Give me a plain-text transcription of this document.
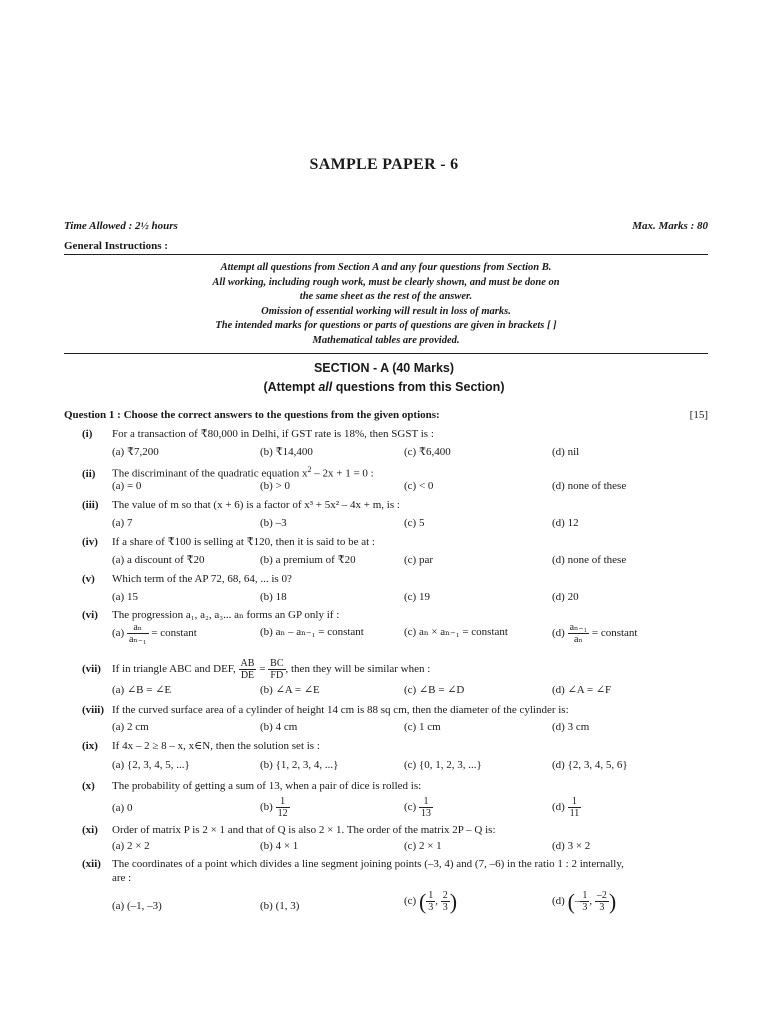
SAMPLE PAPER - 6
Time Allowed : 2½ hours	Max. Marks : 80
General Instructions :
Attempt all questions from Section A and any four questions from Section B.
All working, including rough work, must be clearly shown, and must be done on
the same sheet as the rest of the answer.
Omission of essential working will result in loss of marks.
The intended marks for questions or parts of questions are given in brackets [ ]
Mathematical tables are provided.
SECTION - A (40 Marks)
(Attempt all questions from this Section)
Question 1 : Choose the correct answers to the questions from the given options:	[15]
(i) For a transaction of ₹80,000 in Delhi, if GST rate is 18%, then SGST is :
(a) ₹7,200	(b) ₹14,400	(c) ₹6,400	(d) nil
(ii) The discriminant of the quadratic equation $x^2 - 2x + 1 = 0$ :
(a) = 0	(b) > 0	(c) < 0	(d) none of these
(iii) The value of m so that (x + 6) is a factor of x³ + 5x² – 4x + m, is :
(a) 7	(b) –3	(c) 5	(d) 12
(iv) If a share of ₹100 is selling at ₹120, then it is said to be at :
(a) a discount of ₹20	(b) a premium of ₹20	(c) par	(d) none of these
(v) Which term of the AP 72, 68, 64, ... is 0?
(a) 15	(b) 18	(c) 19	(d) 20
(vi) The progression a₁, a₂, a₃... aₙ forms an GP only if :
$(a) \frac{\text{aₙ}}{\text{aₙ₋₁}}$ = constant	(b) aₙ – aₙ₋₁ = constant	(c) aₙ × aₙ₋₁ = constant	$(d) \frac{\text{aₙ₋₁}}{\text{aₙ}}$ = constant
(vii) If in triangle ABC and DEF, $\frac{AB}{DE} = \frac{BC}{FD}$ , then they will be similar when :
(a) ∠B = ∠E	(b) ∠A = ∠E	(c) ∠B = ∠D	(d) ∠A = ∠F
(viii) If the curved surface area of a cylinder of height 14 cm is 88 sq cm, then the diameter of the cylinder is:
(a) 2 cm	(b) 4 cm	(c) 1 cm	(d) 3 cm
(ix) If 4x – 2 ≥ 8 – x, x∈N, then the solution set is :
(a) {2, 3, 4, 5, ...}	(b) {1, 2, 3, 4, ...}	(c) {0, 1, 2, 3, ...}	(d) {2, 3, 4, 5, 6}
(x) The probability of getting a sum of 13, when a pair of dice is rolled is:
(a) 0	$(b) \frac{1}{12}$	$(c) \frac{1}{13}$	$(d) \frac{1}{11}$
(xi) Order of matrix P is 2 × 1 and that of Q is also 2 × 1. The order of the matrix 2P – Q is:
(a) 2 × 2	(b) 4 × 1	(c) 2 × 1	(d) 3 × 2
(xii) The coordinates of a point which divides a line segment joining points (–3, 4) and (7, –6) in the ratio 1 : 2 internally,
are :
(a) (–1, –3)	(b) (1, 3)	(c) ( $\frac{1}{3}$ , $\frac{2}{3}$ )	(d) (– $\frac{1}{3}$ , $\frac{-2}{3}$ )
